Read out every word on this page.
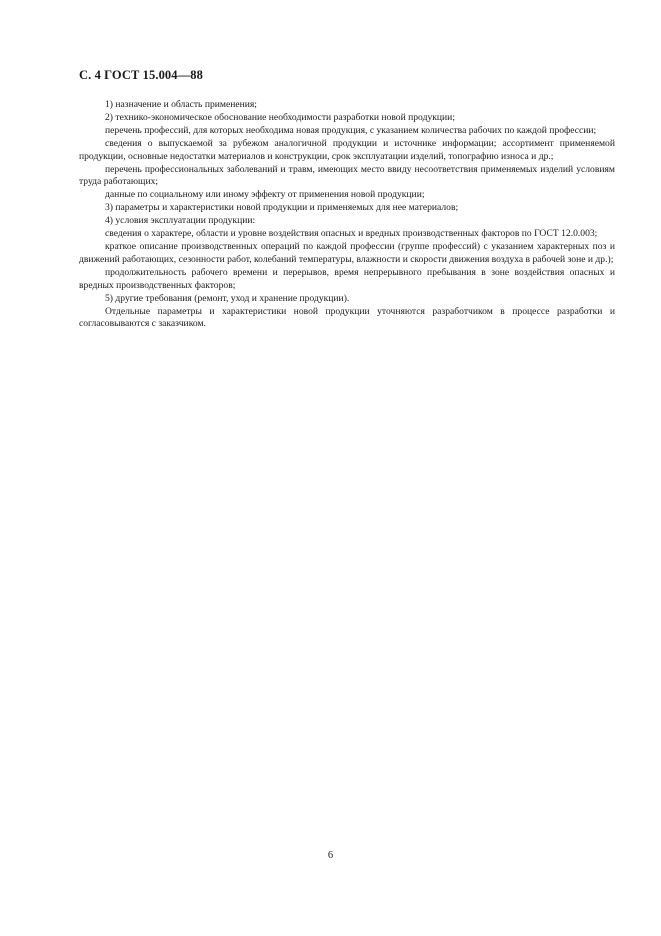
С. 4 ГОСТ 15.004—88

1) назначение и область применения;

2) технико-экономическое обоснование необходимости разработки новой продукции;

перечень профессий, для которых необходима новая продукция, с указанием количества рабочих по каждой профессии;

сведения о выпускаемой за рубежом аналогичной продукции и источнике информации; ассортимент применяемой продукции, основные недостатки материалов и конструкции, срок эксплуатации изделий, топографию износа и др.;

перечень профессиональных заболеваний и травм, имеющих место ввиду несоответствия применяемых изделий условиям труда работающих;

данные по социальному или иному эффекту от применения новой продукции;

3) параметры и характеристики новой продукции и применяемых для нее материалов;

4) условия эксплуатации продукции:

сведения о характере, области и уровне воздействия опасных и вредных производственных факторов по ГОСТ 12.0.003;

краткое описание производственных операций по каждой профессии (группе профессий) с указанием характерных поз и движений работающих, сезонности работ, колебаний температуры, влажности и скорости движения воздуха в рабочей зоне и др.);

продолжительность рабочего времени и перерывов, время непрерывного пребывания в зоне воздействия опасных и вредных производственных факторов;

5) другие требования (ремонт, уход и хранение продукции).

Отдельные параметры и характеристики новой продукции уточняются разработчиком в процессе разработки и согласовываются с заказчиком.

6
